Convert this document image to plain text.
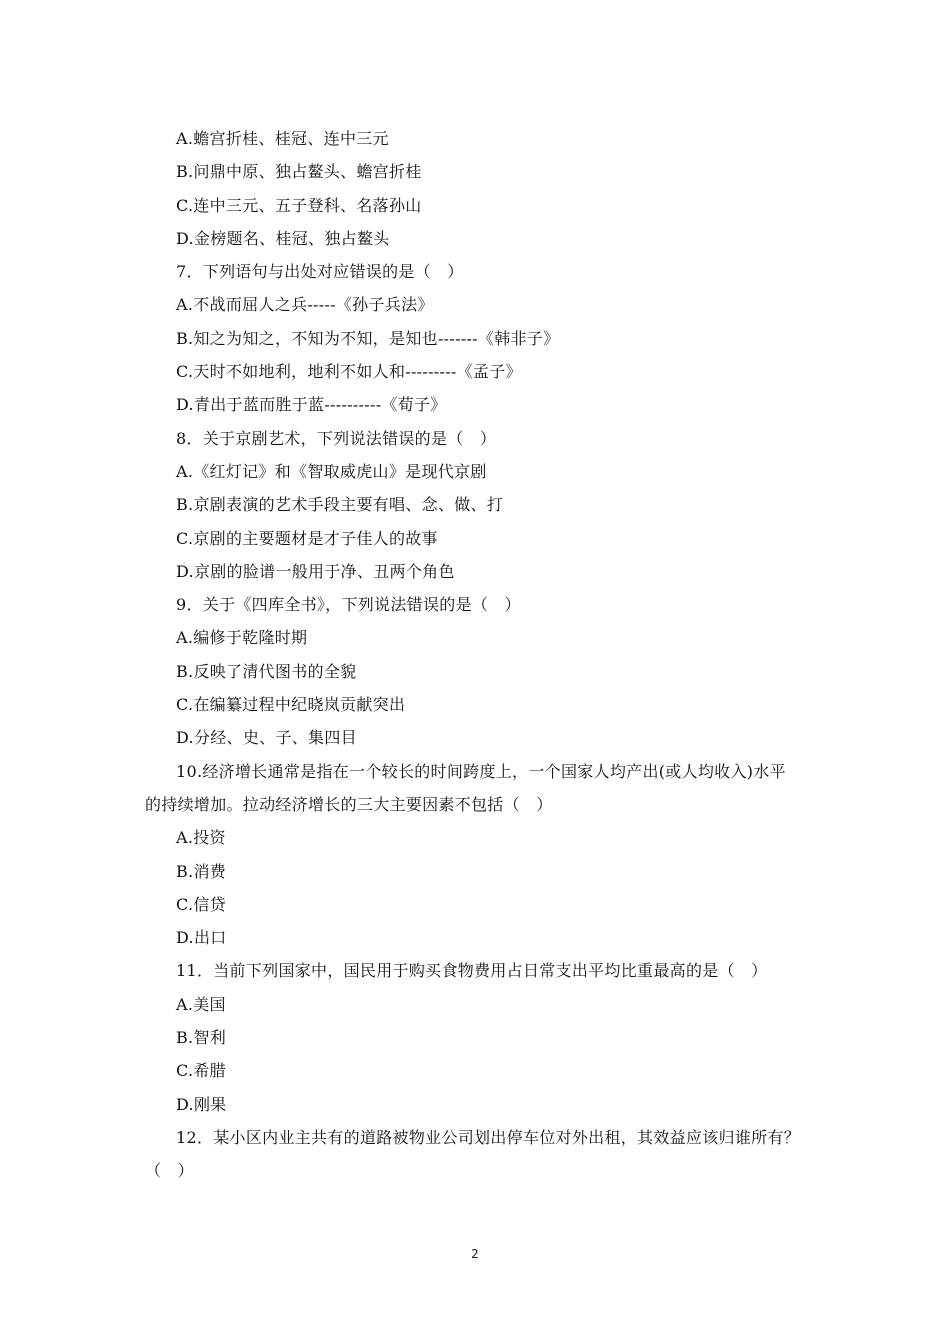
A.蟾宫折桂、桂冠、连中三元
B.问鼎中原、独占鳌头、蟾宫折桂
C.连中三元、五子登科、名落孙山
D.金榜题名、桂冠、独占鳌头
7．下列语句与出处对应错误的是（　）
A.不战而屈人之兵-----《孙子兵法》
B.知之为知之，不知为不知，是知也-------《韩非子》
C.天时不如地利，地利不如人和---------《孟子》
D.青出于蓝而胜于蓝----------《荀子》
8．关于京剧艺术，下列说法错误的是（　）
A.《红灯记》和《智取威虎山》是现代京剧
B.京剧表演的艺术手段主要有唱、念、做、打
C.京剧的主要题材是才子佳人的故事
D.京剧的脸谱一般用于净、丑两个角色
9．关于《四库全书》，下列说法错误的是（　）
A.编修于乾隆时期
B.反映了清代图书的全貌
C.在编纂过程中纪晓岚贡献突出
D.分经、史、子、集四目
10.经济增长通常是指在一个较长的时间跨度上，一个国家人均产出(或人均收入)水平
的持续增加。拉动经济增长的三大主要因素不包括（　）
A.投资
B.消费
C.信贷
D.出口
11．当前下列国家中，国民用于购买食物费用占日常支出平均比重最高的是（　）
A.美国
B.智利
C.希腊
D.刚果
12．某小区内业主共有的道路被物业公司划出停车位对外出租，其效益应该归谁所有？
（　）
2
